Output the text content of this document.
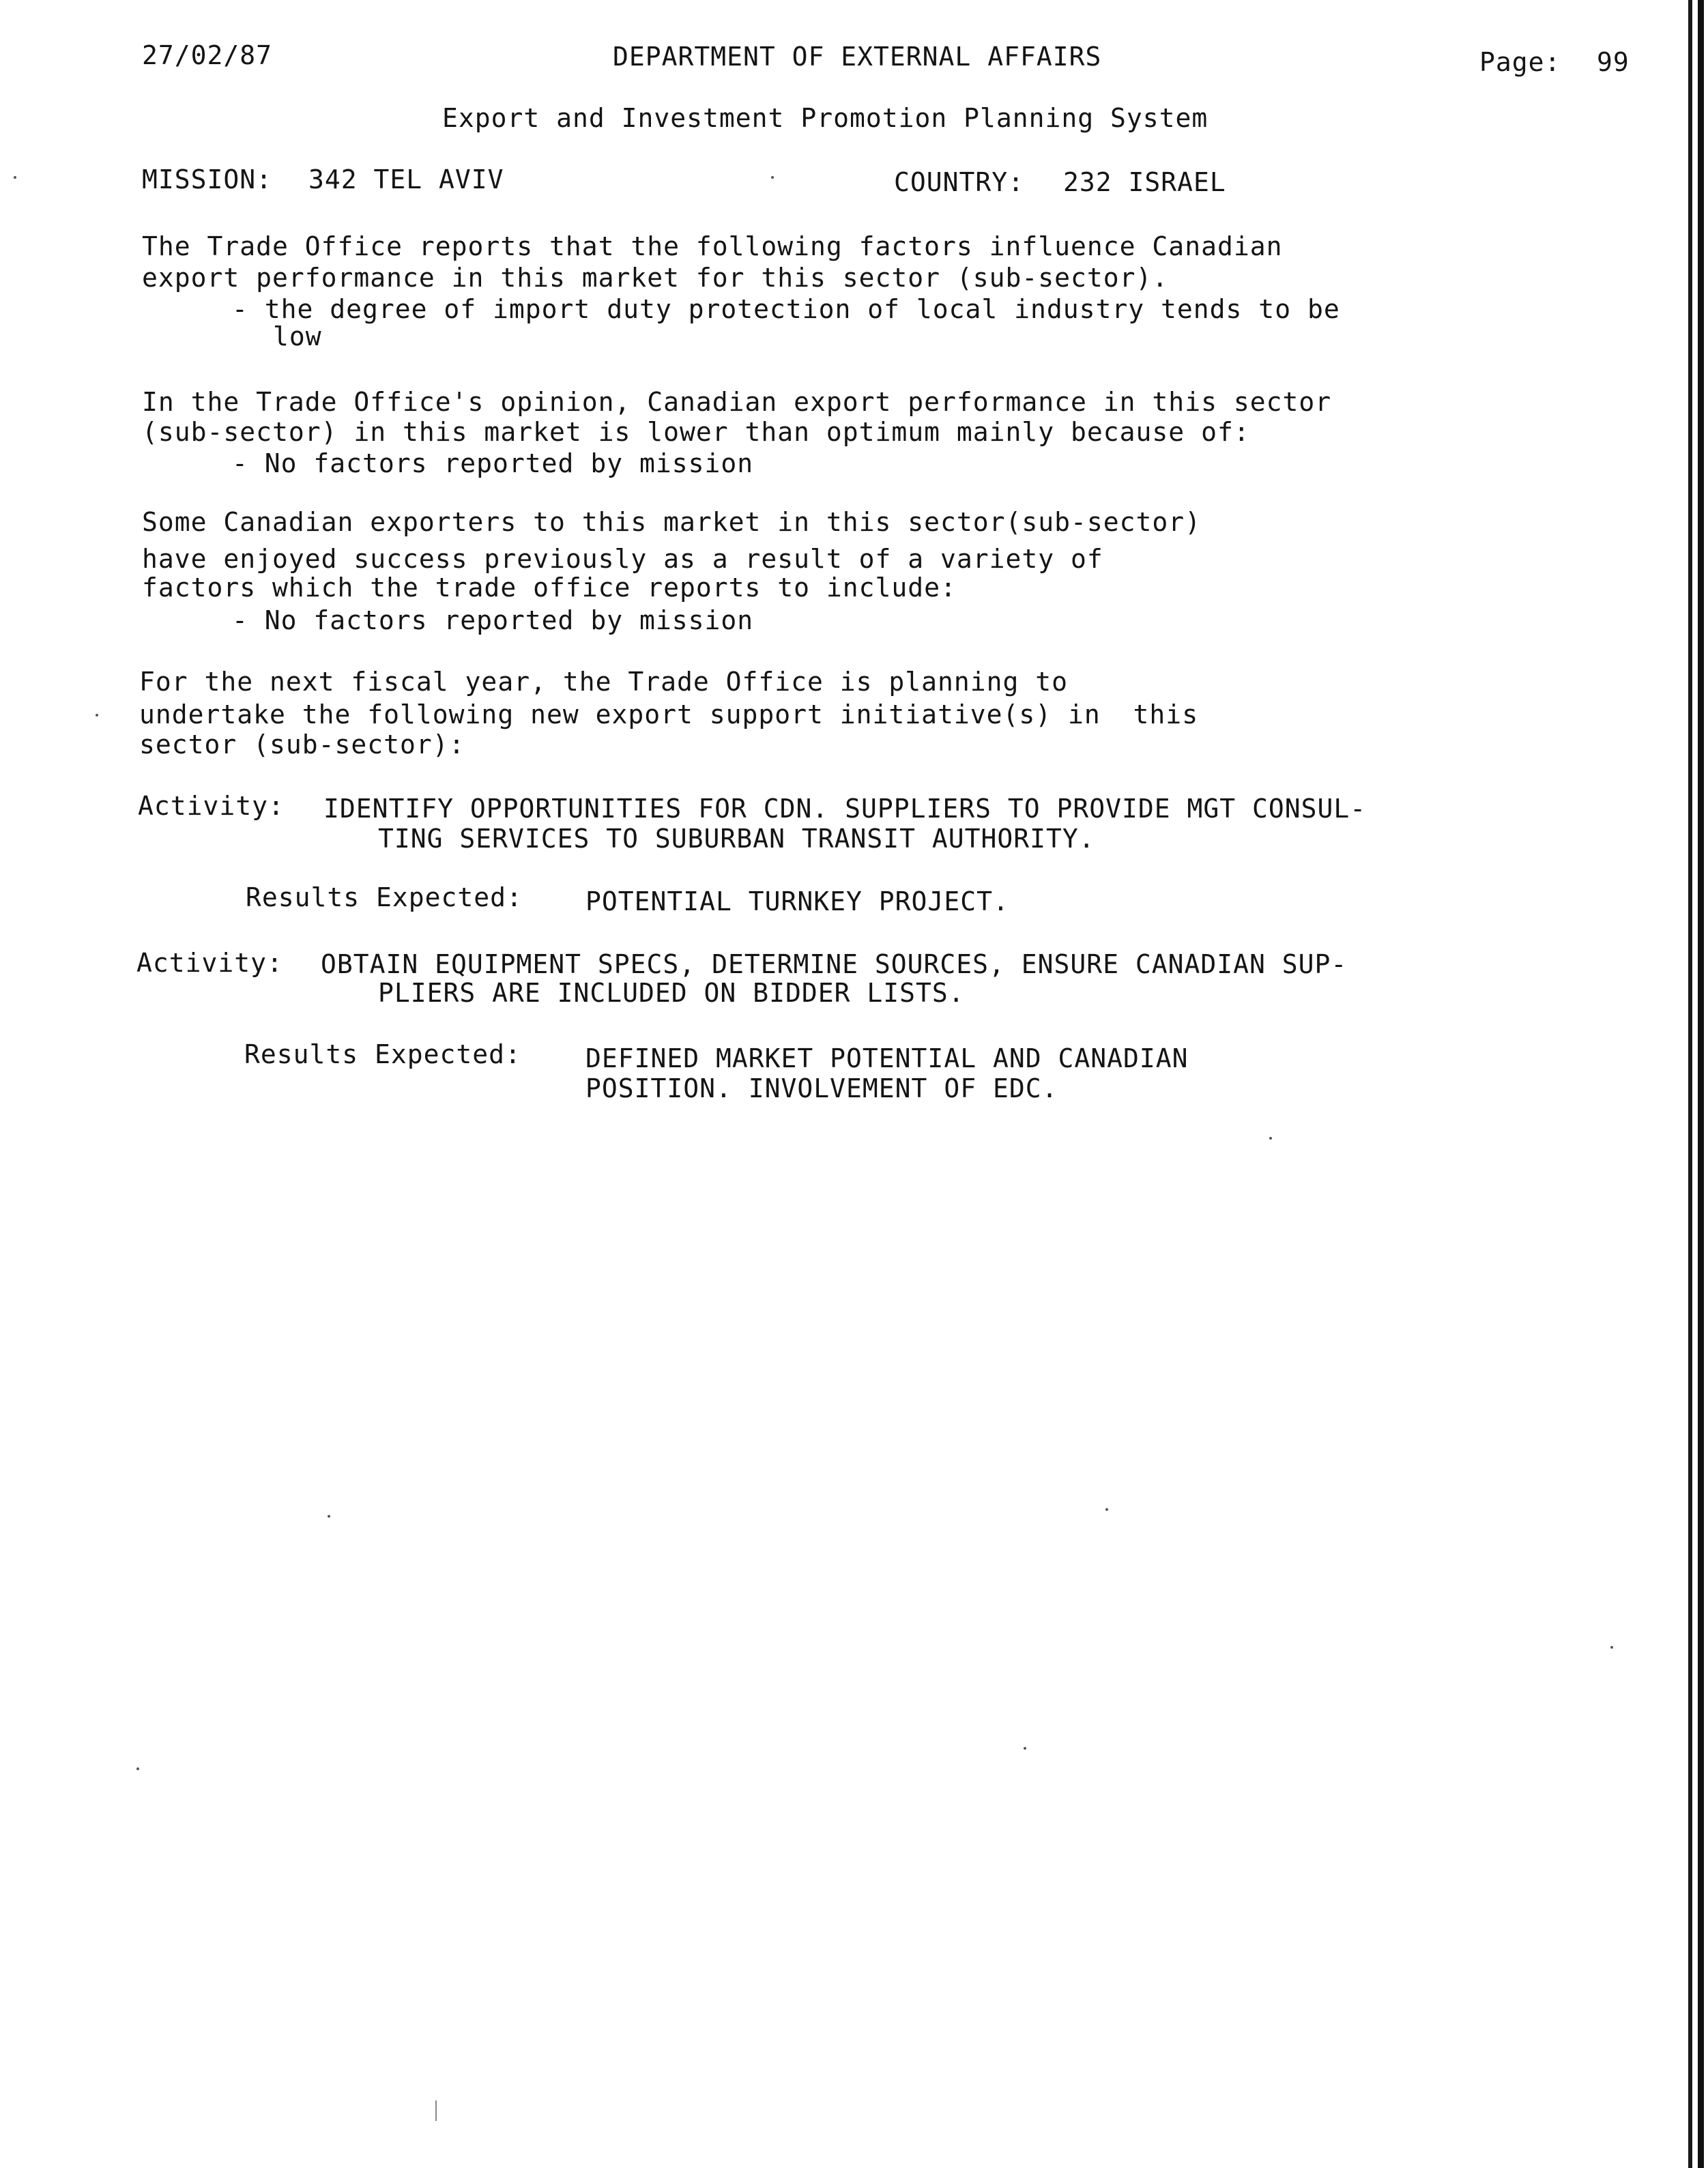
27/02/87	DEPARTMENT OF EXTERNAL AFFAIRS	Page: 99
Export and Investment Promotion Planning System
MISSION: 342 TEL AVIV	COUNTRY: 232 ISRAEL
The Trade Office reports that the following factors influence Canadian
export performance in this market for this sector (sub-sector).
- the degree of import duty protection of local industry tends to be
low
In the Trade Office's opinion, Canadian export performance in this sector
(sub-sector) in this market is lower than optimum mainly because of:
- No factors reported by mission
Some Canadian exporters to this market in this sector(sub-sector)
have enjoyed success previously as a result of a variety of
factors which the trade office reports to include:
- No factors reported by mission
For the next fiscal year, the Trade Office is planning to
undertake the following new export support initiative(s) in  this
sector (sub-sector):
Activity: IDENTIFY OPPORTUNITIES FOR CDN. SUPPLIERS TO PROVIDE MGT CONSUL-
TING SERVICES TO SUBURBAN TRANSIT AUTHORITY.
Results Expected: POTENTIAL TURNKEY PROJECT.
Activity: OBTAIN EQUIPMENT SPECS, DETERMINE SOURCES, ENSURE CANADIAN SUP-
PLIERS ARE INCLUDED ON BIDDER LISTS.
Results Expected: DEFINED MARKET POTENTIAL AND CANADIAN
POSITION. INVOLVEMENT OF EDC.
